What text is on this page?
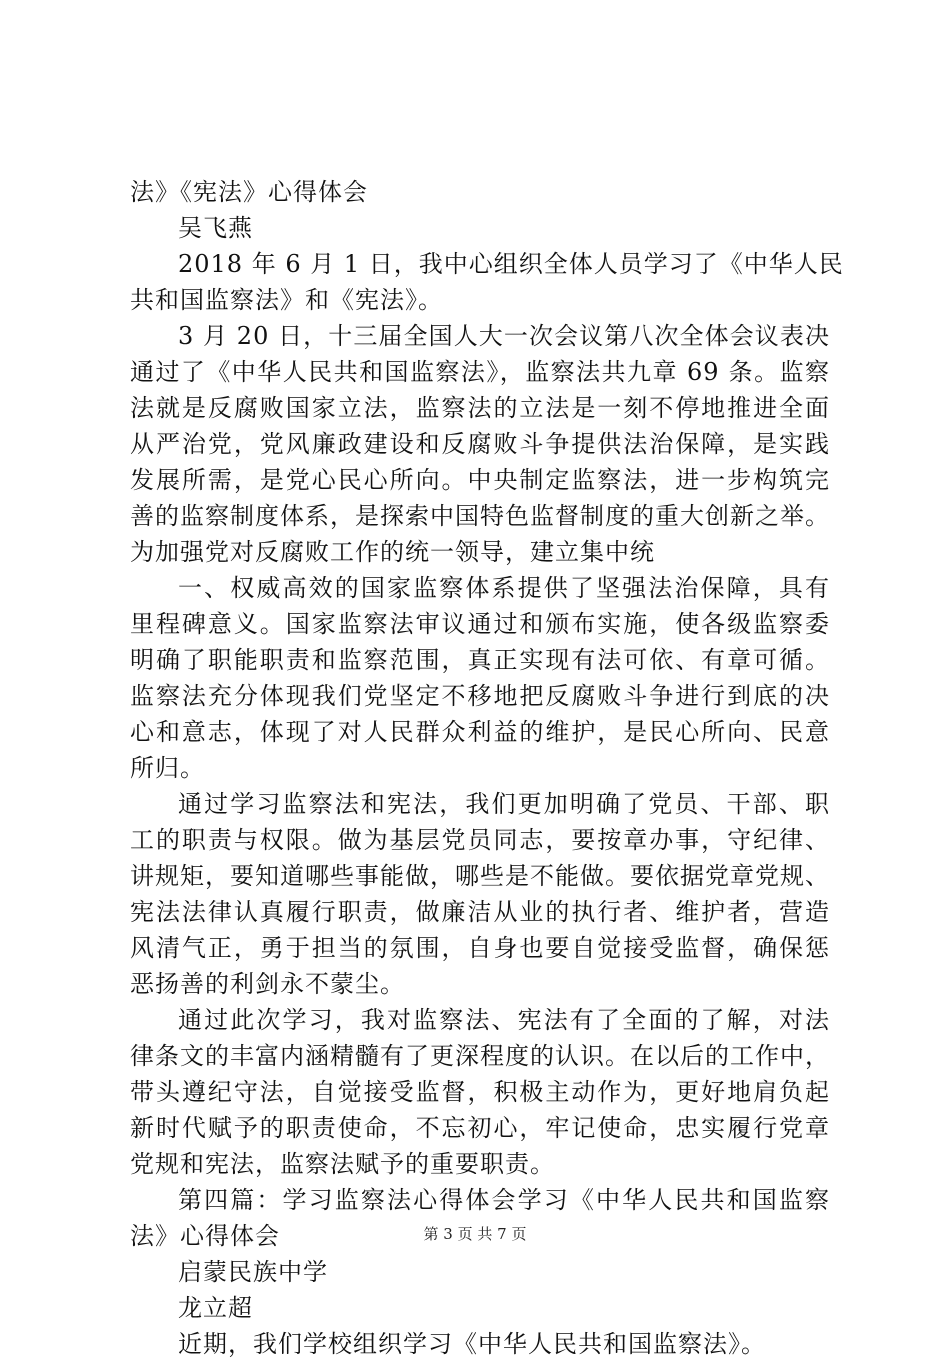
法》《宪法》心得体会
吴飞燕
2018 年 6 月 1 日，我中心组织全体人员学习了《中华人民
共和国监察法》和《宪法》。
3 月 20 日，十三届全国人大一次会议第八次全体会议表决
通过了《中华人民共和国监察法》，监察法共九章 69 条。监察
法就是反腐败国家立法，监察法的立法是一刻不停地推进全面
从严治党，党风廉政建设和反腐败斗争提供法治保障，是实践
发展所需，是党心民心所向。中央制定监察法，进一步构筑完
善的监察制度体系，是探索中国特色监督制度的重大创新之举。
为加强党对反腐败工作的统一领导，建立集中统
一、权威高效的国家监察体系提供了坚强法治保障，具有
里程碑意义。国家监察法审议通过和颁布实施，使各级监察委
明确了职能职责和监察范围，真正实现有法可依、有章可循。
监察法充分体现我们党坚定不移地把反腐败斗争进行到底的决
心和意志，体现了对人民群众利益的维护，是民心所向、民意
所归。
通过学习监察法和宪法，我们更加明确了党员、干部、职
工的职责与权限。做为基层党员同志，要按章办事，守纪律、
讲规矩，要知道哪些事能做，哪些是不能做。要依据党章党规、
宪法法律认真履行职责，做廉洁从业的执行者、维护者，营造
风清气正，勇于担当的氛围，自身也要自觉接受监督，确保惩
恶扬善的利剑永不蒙尘。
通过此次学习，我对监察法、宪法有了全面的了解，对法
律条文的丰富内涵精髓有了更深程度的认识。在以后的工作中，
带头遵纪守法，自觉接受监督，积极主动作为，更好地肩负起
新时代赋予的职责使命，不忘初心，牢记使命，忠实履行党章
党规和宪法，监察法赋予的重要职责。
第四篇：学习监察法心得体会学习《中华人民共和国监察
法》心得体会
启蒙民族中学
龙立超
近期，我们学校组织学习《中华人民共和国监察法》。
第 3 页 共 7 页
